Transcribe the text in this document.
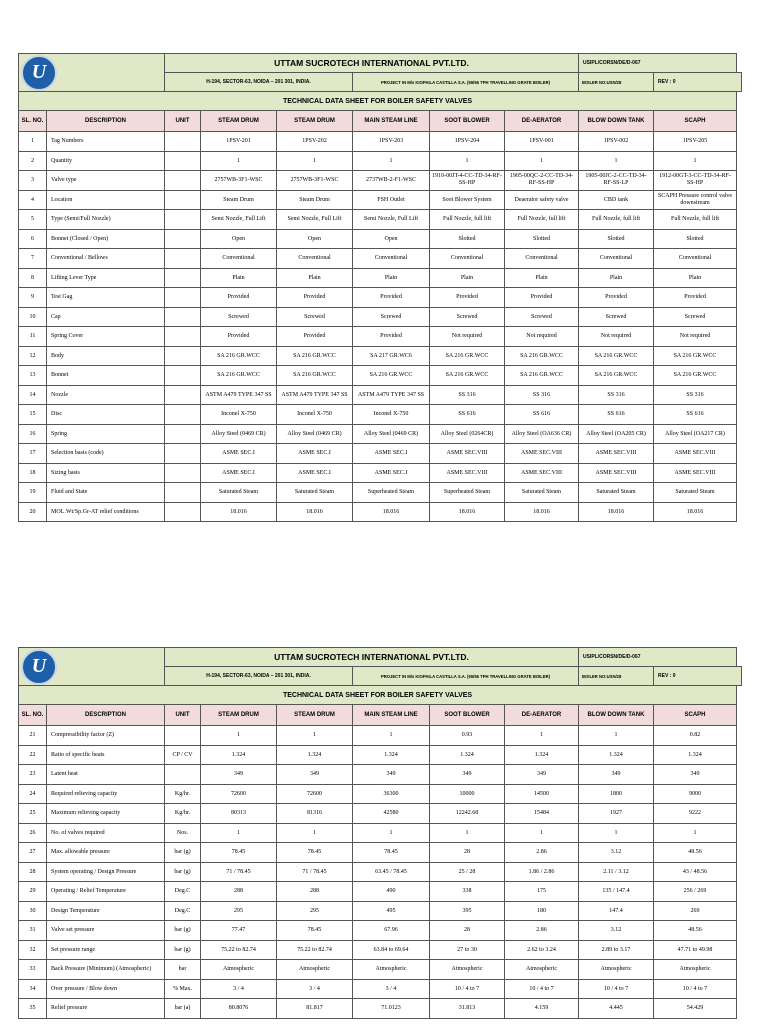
U
	UTTAM SUCROTECH INTERNATIONAL PVT.LTD.						USIPL/CORSN/DE/D-067	
		H-194, SECTOR-63, NOIDA – 201 301, INDIA.			PROJECT IN M/s KIOPAILA CASTILLA S.A. (55/55 TPH TRAVELLING GRATE BOILER)			BOILER NO:USN/28	REV : 0
TECHNICAL DATA SHEET FOR BOILER SAFETY VALVES									
SL. NO.	DESCRIPTION	UNIT	STEAM DRUM	STEAM DRUM	MAIN STEAM LINE	SOOT BLOWER	DE-AERATOR	BLOW DOWN TANK	SCAPH
1	Tag Numbers		1PSV-201	1PSV-202	1PSV-203	1PSV-204	1PSV-001	1PSV-002	1PSV-205
2	Quantity		1	1	1	1	1	1	1
3	Valve type		2757WB-3F1-WSC	2757WB-3F1-WSC	2737WB-2-F1-WSC	1910-00JT-4-CC-TD-34-RF-SS-HP	1905-00QC-2-CC-TD-34-RF-SS-HP	1905-00JC-2-CC-TD-34-RF-SS-LP	1912-00GT-3-CC-TD-34-RF-SS-HP
4	Location		Steam Drum	Steam Drum	FSH Outlet	Soot Blower System	Deaerator safety valve	CBD tank	SCAPH Pressure control valve downstream
5	Type (Semi/Full Nozzle)		Semi Nozzle, Full Lift	Semi Nozzle, Full Lift	Semi Nozzle, Full Lift	Full Nozzle, full lift	Full Nozzle, full lift	Full Nozzle, full lift	Full Nozzle, full lift
6	Bonnet (Closed / Open)		Open	Open	Open	Slotted	Slotted	Slotted	Slotted
7	Conventional / Bellows		Conventional	Conventional	Conventional	Conventional	Conventional	Conventional	Conventional
8	Lifting Lever Type		Plain	Plain	Plain	Plain	Plain	Plain	Plain
9	Test Gag		Provided	Provided	Provided	Provided	Provided	Provided	Provided
10	Cap		Screwed	Screwed	Screwed	Screwed	Screwed	Screwed	Screwed
11	Spring Cover		Provided	Provided	Provided	Not required	Not required	Not required	Not required
12	Body		SA 216 GR.WCC	SA 216 GR.WCC	SA 217 GR.WC6	SA 216 GR.WCC	SA 216 GR.WCC	SA 216 GR.WCC	SA 216 GR.WCC
13	Bonnet		SA 216 GR.WCC	SA 216 GR.WCC	SA 216 GR.WCC	SA 216 GR.WCC	SA 216 GR.WCC	SA 216 GR.WCC	SA 216 GR.WCC
14	Nozzle		ASTM A479 TYPE 347 SS	ASTM A479 TYPE 347 SS	ASTM A479 TYPE 347 SS	SS 316	SS 316	SS 316	SS 316
15	Disc		Inconel X-750	Inconel X-750	Inconel X-750	SS 616	SS 616	SS 616	SS 616
16	Spring		Alloy Steel (0469 CR)	Alloy Steel (0469 CR)	Alloy Steel (0469 CR)	Alloy Steel (0264CR)	Alloy Steel (OA636 CR)	Alloy Steel (OA205 CR)	Alloy Steel (OA217 CR)
17	Selection basis (code)		ASME SEC.I	ASME SEC.I	ASME SEC.I	ASME SEC.VIII	ASME SEC.VIII	ASME SEC.VIII	ASME SEC.VIII
18	Sizing basis		ASME SEC.I	ASME SEC.I	ASME SEC.I	ASME SEC.VIII	ASME SEC.VIII	ASME SEC.VIII	ASME SEC.VIII
19	Fluid and State		Saturated Steam	Saturated Steam	Superheated Steam	Superheated Steam	Saturated Steam	Saturated Steam	Saturated Steam
20	MOL.Wt/Sp.Gr-AT relief conditions		18.016	18.016	18.016	18.016	18.016	18.016	18.016
U
	UTTAM SUCROTECH INTERNATIONAL PVT.LTD.						USIPL/CORSN/DE/D-067	
		H-194, SECTOR-63, NOIDA – 201 301, INDIA.			PROJECT IN M/s KIOPAILA CASTILLA S.A. (55/55 TPH TRAVELLING GRATE BOILER)			BOILER NO:USN/28	REV : 0
TECHNICAL DATA SHEET FOR BOILER SAFETY VALVES									
SL. NO.	DESCRIPTION	UNIT	STEAM DRUM	STEAM DRUM	MAIN STEAM LINE	SOOT BLOWER	DE-AERATOR	BLOW DOWN TANK	SCAPH
21	Compressibility factor (Z)		1	1	1	0.93	1	1	0.82
22	Ratio of specific heats	CP / CV	1.324	1.324	1.324	1.324	1.324	1.324	1.324
23	Latent heat		349	349	349	349	349	349	349
24	Required relieving capacity	Kg/hr.	72600	72600	36300	10000	14500	1800	9000
25	Maximum relieving capacity	Kg/hr.	80313	81316	42580	12242.68	15484	1927	9222
26	No. of valves required	Nos.	1	1	1	1	1	1	1
27	Max. allowable pressure	bar (g)	78.45	78.45	78.45	28	2.86	3.12	48.56
28	System operating / Design Pressure	bar (g)	71 / 78.45	71 / 78.45	63.45 / 78.45	25 / 28	1.86 / 2.86	2.11 / 3.12	43 / 48.56
29	Operating / Relief Temperature	Deg.C	288	288	490	338	175	135 / 147.4	256 / 269
30	Design Temperature	Deg.C	295	295	495	395	180	147.4	269
31	Valve set pressure	bar (g)	77.47	78.45	67.96	28	2.86	3.12	48.56
32	Set pressure range	bar (g)	75.22 to 82.74	75.22 to 82.74	63.84 to 69.64	27 to 30	2.62 to 3.24	2.89 to 3.17	47.71 to 49.98
33	Back Pressure (Minimum) (Atmospheric)	bar	Atmospheric	Atmospheric	Atmospheric	Atmospheric	Atmospheric	Atmospheric	Atmospheric
34	Over pressure / Blow down	% Max.	3 / 4	3 / 4	3 / 4	10 / 4 to 7	10 / 4 to 7	10 / 4 to 7	10 / 4 to 7
35	Relief pressure	bar (a)	80.8076	81.817	71.0123	31.813	4.159	4.445	54.429
